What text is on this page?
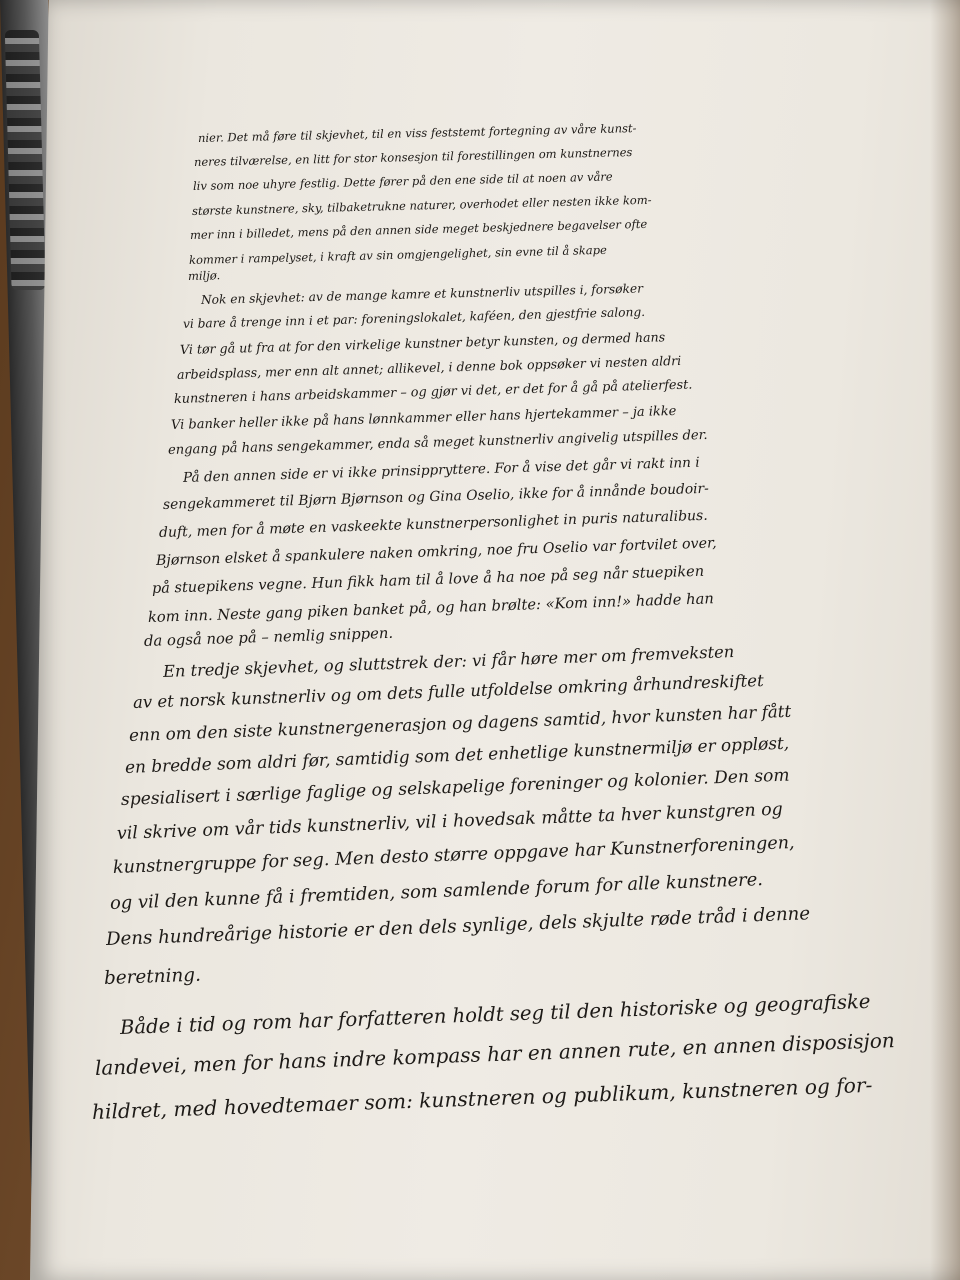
nier. Det må føre til skjevhet, til en viss feststemt fortegning av våre kunst-
neres tilværelse, en litt for stor konsesjon til forestillingen om kunstnernes
liv som noe uhyre festlig. Dette fører på den ene side til at noen av våre
største kunstnere, sky, tilbaketrukne naturer, overhodet eller nesten ikke kom-
mer inn i billedet, mens på den annen side meget beskjednere begavelser ofte
kommer i rampelyset, i kraft av sin omgjengelighet, sin evne til å skape
miljø.
Nok en skjevhet: av de mange kamre et kunstnerliv utspilles i, forsøker
vi bare å trenge inn i et par: foreningslokalet, kaféen, den gjestfrie salong.
Vi tør gå ut fra at for den virkelige kunstner betyr kunsten, og dermed hans
arbeidsplass, mer enn alt annet; allikevel, i denne bok oppsøker vi nesten aldri
kunstneren i hans arbeidskammer – og gjør vi det, er det for å gå på atelierfest.
Vi banker heller ikke på hans lønnkammer eller hans hjertekammer – ja ikke
engang på hans sengekammer, enda så meget kunstnerliv angivelig utspilles der.
På den annen side er vi ikke prinsippryttere. For å vise det går vi rakt inn i
sengekammeret til Bjørn Bjørnson og Gina Oselio, ikke for å innånde boudoir-
duft, men for å møte en vaskeekte kunstnerpersonlighet in puris naturalibus.
Bjørnson elsket å spankulere naken omkring, noe fru Oselio var fortvilet over,
på stuepikens vegne. Hun fikk ham til å love å ha noe på seg når stuepiken
kom inn. Neste gang piken banket på, og han brølte: «Kom inn!» hadde han
da også noe på – nemlig snippen.
En tredje skjevhet, og sluttstrek der: vi får høre mer om fremveksten
av et norsk kunstnerliv og om dets fulle utfoldelse omkring århundreskiftet
enn om den siste kunstnergenerasjon og dagens samtid, hvor kunsten har fått
en bredde som aldri før, samtidig som det enhetlige kunstnermiljø er oppløst,
spesialisert i særlige faglige og selskapelige foreninger og kolonier. Den som
vil skrive om vår tids kunstnerliv, vil i hovedsak måtte ta hver kunstgren og
kunstnergruppe for seg. Men desto større oppgave har Kunstnerforeningen,
og vil den kunne få i fremtiden, som samlende forum for alle kunstnere.
Dens hundreårige historie er den dels synlige, dels skjulte røde tråd i denne
beretning.
Både i tid og rom har forfatteren holdt seg til den historiske og geografiske
landevei, men for hans indre kompass har en annen rute, en annen disposisjon
hildret, med hovedtemaer som: kunstneren og publikum, kunstneren og for-
